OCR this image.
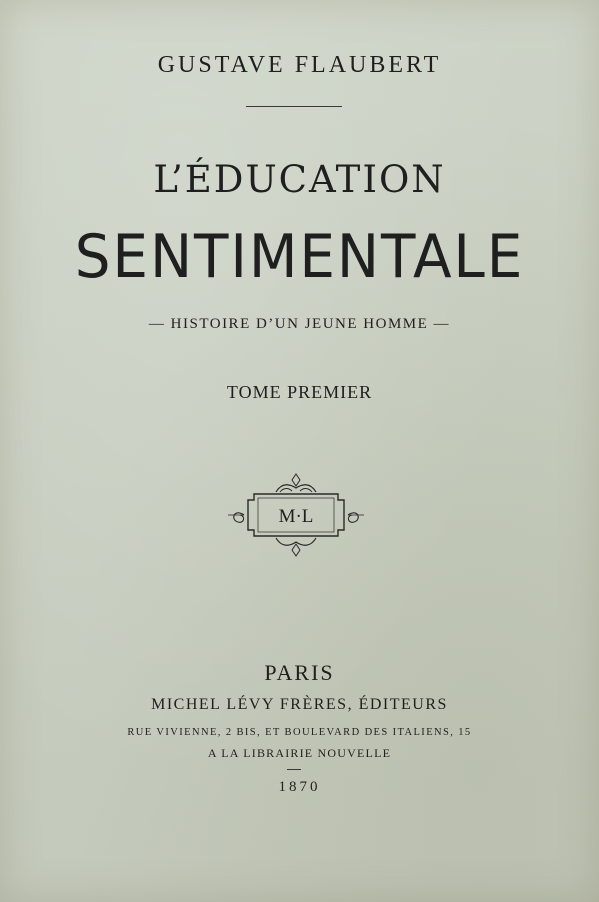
GUSTAVE FLAUBERT
L’ÉDUCATION
SENTIMENTALE
— HISTOIRE D’UN JEUNE HOMME —
TOME PREMIER
M·L
PARIS
MICHEL LÉVY FRÈRES, ÉDITEURS
RUE VIVIENNE, 2 BIS, ET BOULEVARD DES ITALIENS, 15
A LA LIBRAIRIE NOUVELLE
1870
